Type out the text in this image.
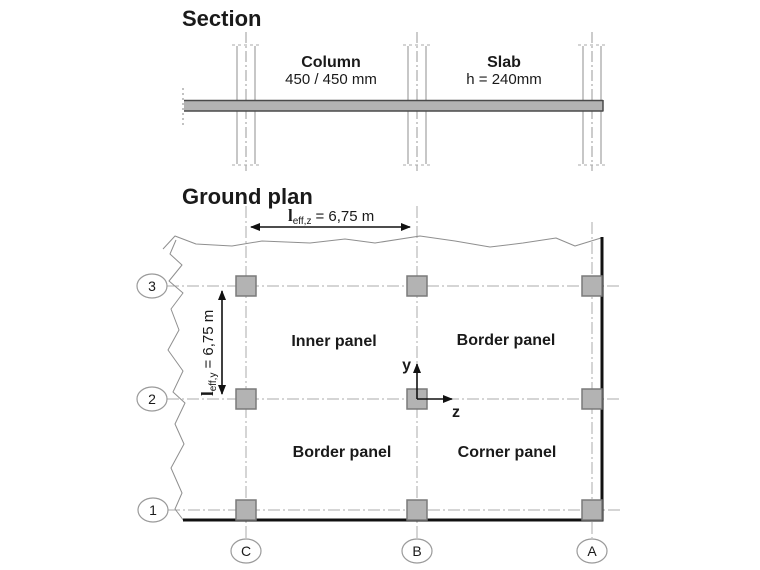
Section
Column
450 / 450 mm
Slab
h = 240mm
Ground plan
leff,z = 6,75 m
leff,y= 6,75 m	Inner panel	Border panel
Border panel	Corner panel
y
z
3
2
1
C	B	A
